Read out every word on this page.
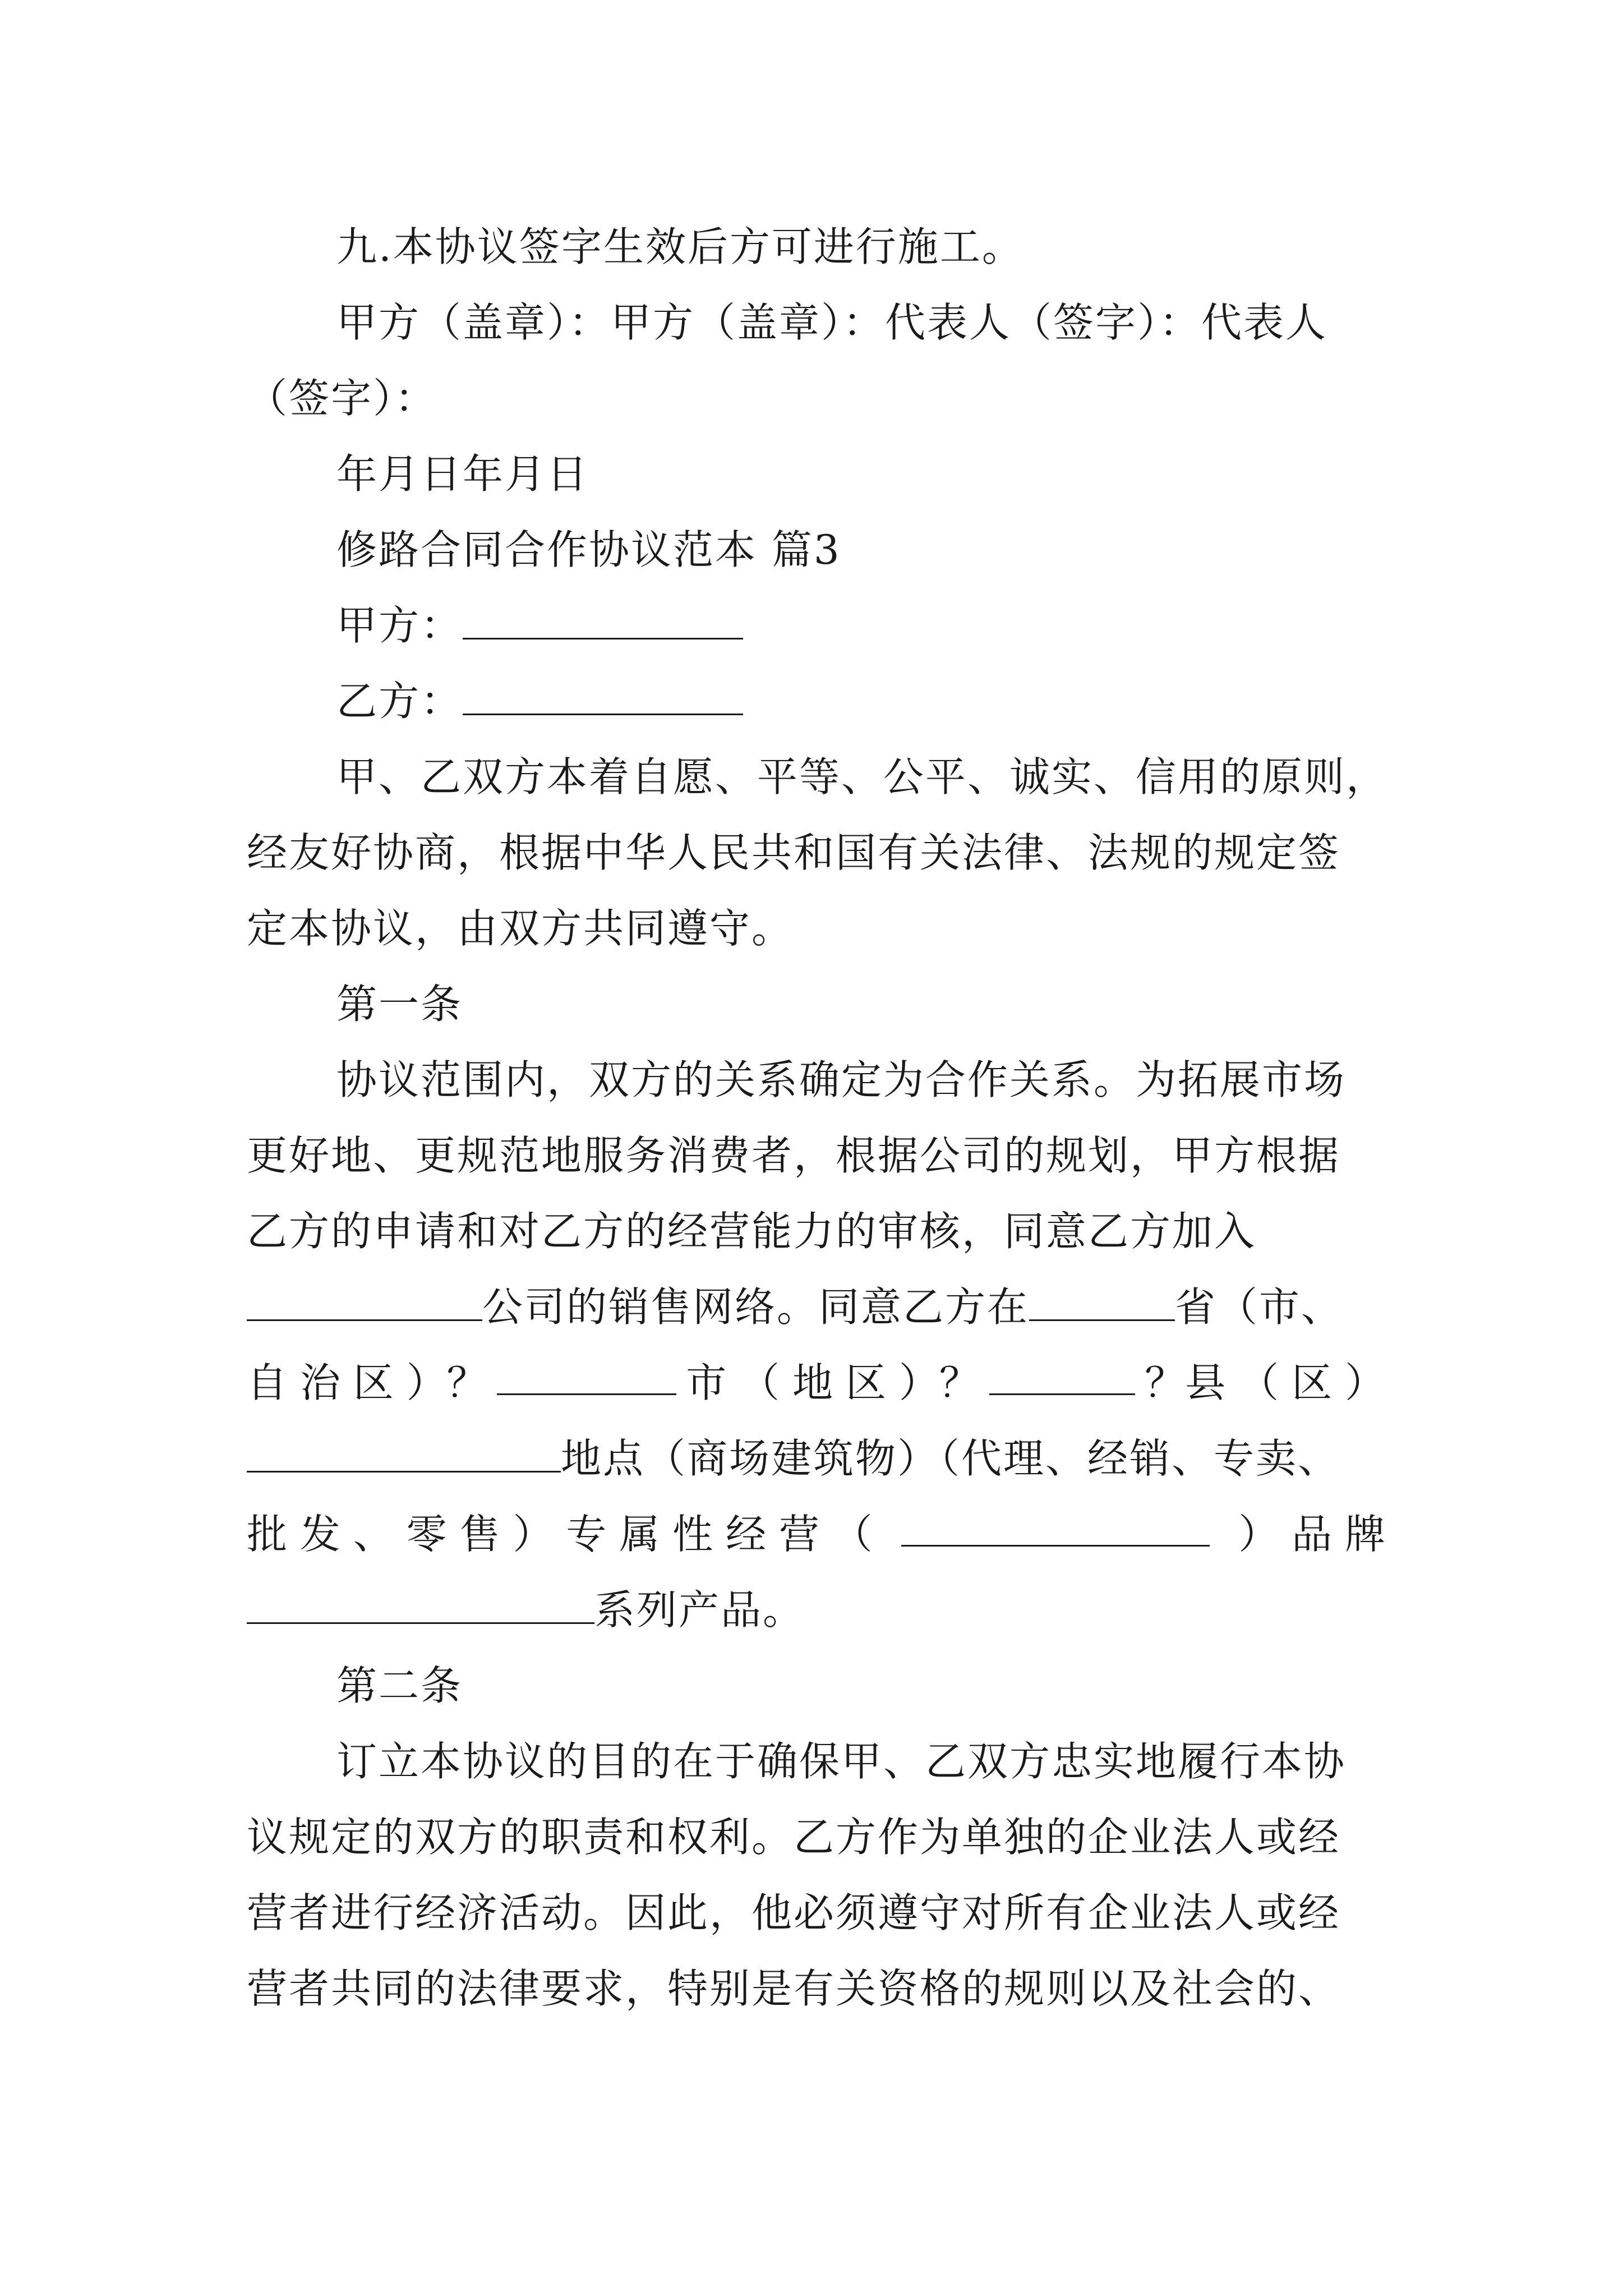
九.本协议签字生效后方可进行施工。
甲方（盖章）：甲方（盖章）：代表人（签字）：代表人
（签字）：
年月日年月日
修路合同合作协议范本 篇3
甲方：
乙方：
甲、乙双方本着自愿、平等、公平、诚实、信用的原则，
经友好协商，根据中华人民共和国有关法律、法规的规定签
定本协议，由双方共同遵守。
第一条
协议范围内，双方的关系确定为合作关系。为拓展市场
更好地、更规范地服务消费者，根据公司的规划，甲方根据
乙方的申请和对乙方的经营能力的审核，同意乙方加入
公司的销售网络。同意乙方在	省（市、
自 治 区 ）？	市 （ 地 区 ）？	？县 （ 区 ）
地点（商场建筑物）（代理、经销、专卖、
批 发 、 零 售 ） 专 属 性 经 营 （	） 品 牌
系列产品。
第二条
订立本协议的目的在于确保甲、乙双方忠实地履行本协
议规定的双方的职责和权利。乙方作为单独的企业法人或经
营者进行经济活动。因此，他必须遵守对所有企业法人或经
营者共同的法律要求，特别是有关资格的规则以及社会的、
